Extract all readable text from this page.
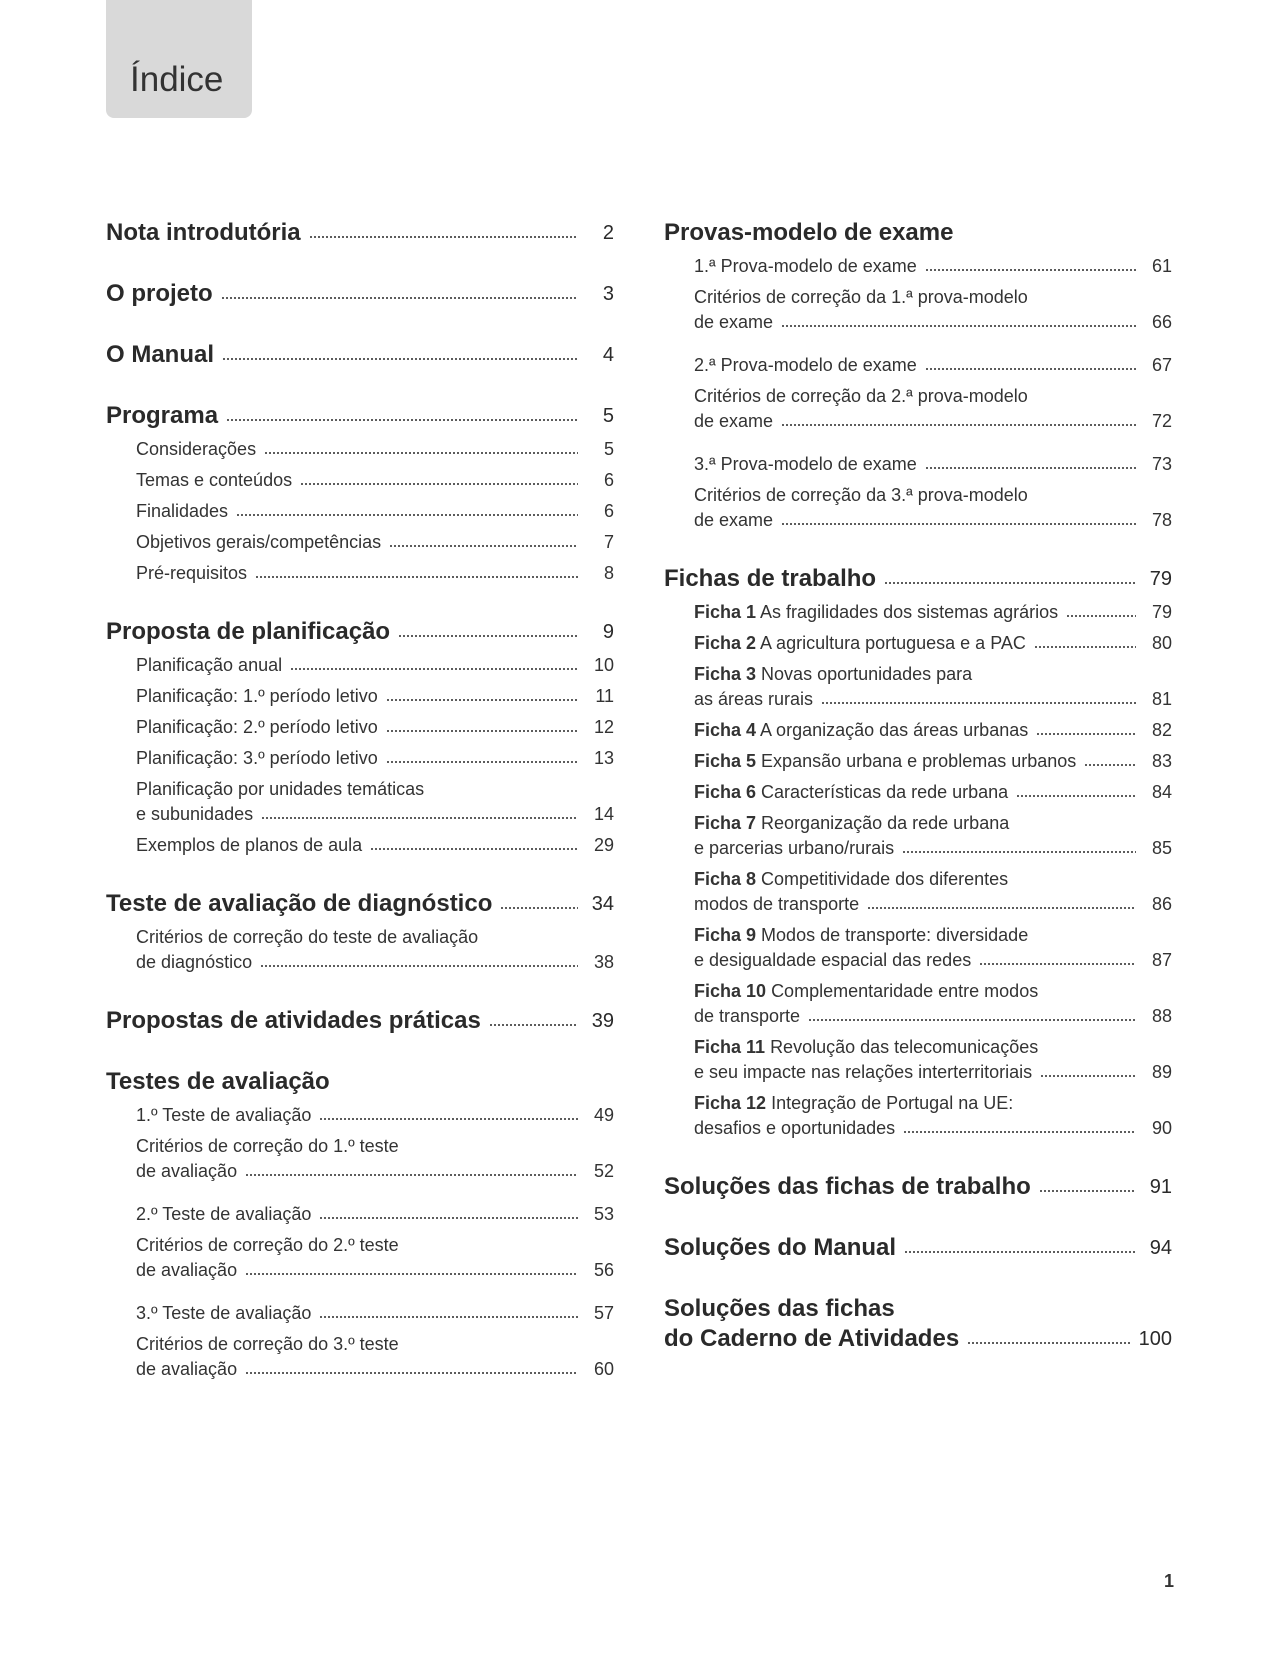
Índice
Nota introdutória	2
O projeto	3
O Manual	4
Programa	5
Considerações	5
Temas e conteúdos	6
Finalidades	6
Objetivos gerais/competências	7
Pré-requisitos	8
Proposta de planificação	9
Planificação anual	10
Planificação: 1.º período letivo	11
Planificação: 2.º período letivo	12
Planificação: 3.º período letivo	13
Planificação por unidades temáticas
e subunidades	14
Exemplos de planos de aula	29
Teste de avaliação de diagnóstico	34
Critérios de correção do teste de avaliação
de diagnóstico	38
Propostas de atividades práticas	39
Testes de avaliação
1.º Teste de avaliação	49
Critérios de correção do 1.º teste
de avaliação	52
2.º Teste de avaliação	53
Critérios de correção do 2.º teste
de avaliação	56
3.º Teste de avaliação	57
Critérios de correção do 3.º teste
de avaliação	60
Provas-modelo de exame
1.ª Prova-modelo de exame	61
Critérios de correção da 1.ª prova-modelo
de exame	66
2.ª Prova-modelo de exame	67
Critérios de correção da 2.ª prova-modelo
de exame	72
3.ª Prova-modelo de exame	73
Critérios de correção da 3.ª prova-modelo
de exame	78
Fichas de trabalho	79
Ficha 1 As fragilidades dos sistemas agrários	79
Ficha 2 A agricultura portuguesa e a PAC	80
Ficha 3 Novas oportunidades para
as áreas rurais	81
Ficha 4 A organização das áreas urbanas	82
Ficha 5 Expansão urbana e problemas urbanos	83
Ficha 6 Características da rede urbana	84
Ficha 7 Reorganização da rede urbana
e parcerias urbano/rurais	85
Ficha 8 Competitividade dos diferentes
modos de transporte	86
Ficha 9 Modos de transporte: diversidade
e desigualdade espacial das redes	87
Ficha 10 Complementaridade entre modos
de transporte	88
Ficha 11 Revolução das telecomunicações
e seu impacte nas relações interterritoriais	89
Ficha 12 Integração de Portugal na UE:
desafios e oportunidades	90
Soluções das fichas de trabalho	91
Soluções do Manual	94
Soluções das fichas
do Caderno de Atividades	100
1
